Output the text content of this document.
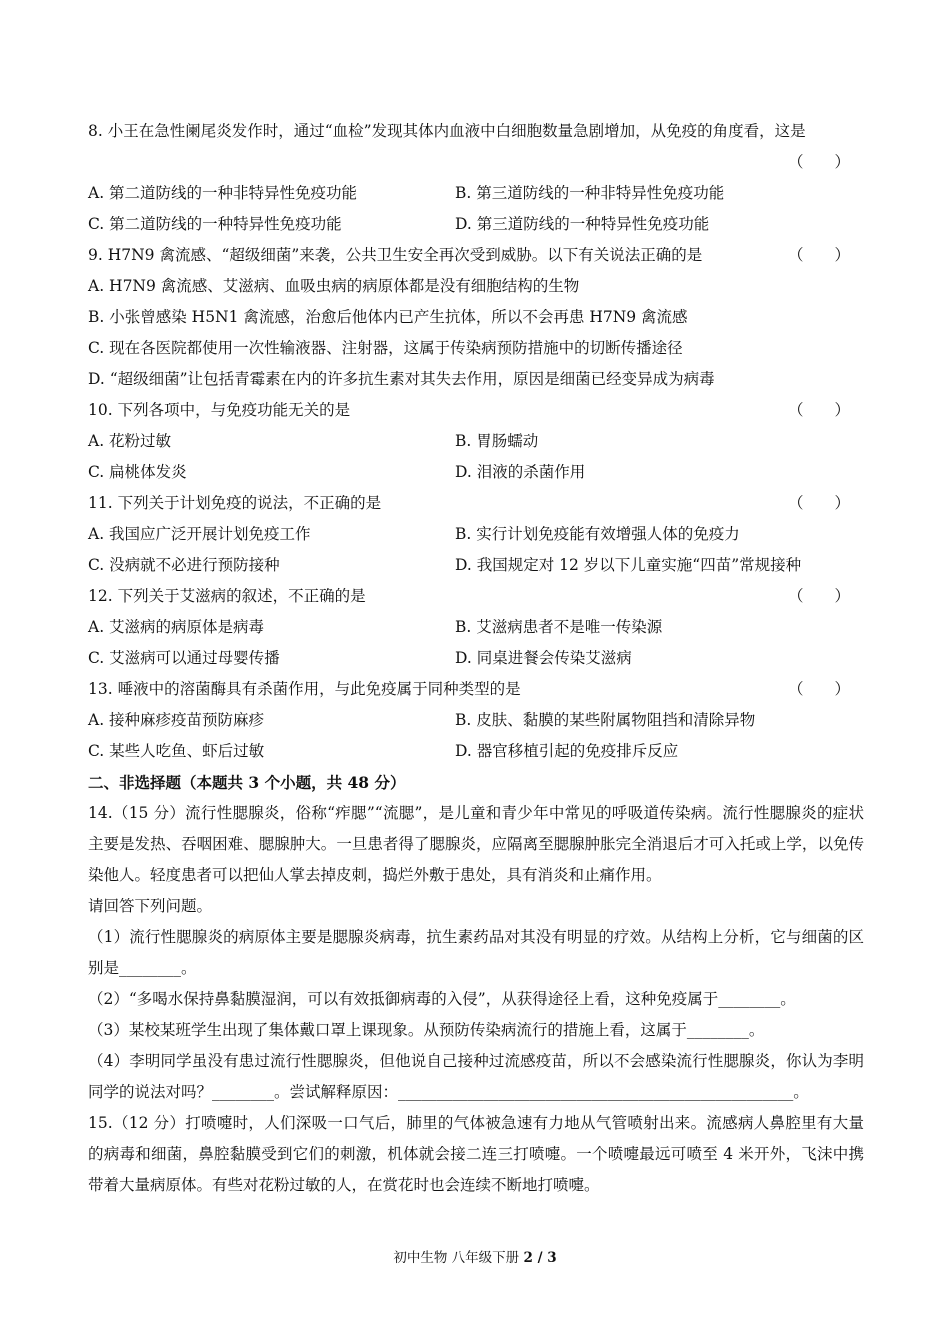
8. 小王在急性阑尾炎发作时，通过“血检”发现其体内血液中白细胞数量急剧增加，从免疫的角度看，这是
（　　）
A. 第二道防线的一种非特异性免疫功能	B. 第三道防线的一种非特异性免疫功能
C. 第二道防线的一种特异性免疫功能	D. 第三道防线的一种特异性免疫功能
9. H7N9 禽流感、“超级细菌”来袭，公共卫生安全再次受到威胁。以下有关说法正确的是	（　　）
A. H7N9 禽流感、艾滋病、血吸虫病的病原体都是没有细胞结构的生物
B. 小张曾感染 H5N1 禽流感，治愈后他体内已产生抗体，所以不会再患 H7N9 禽流感
C. 现在各医院都使用一次性输液器、注射器，这属于传染病预防措施中的切断传播途径
D. “超级细菌”让包括青霉素在内的许多抗生素对其失去作用，原因是细菌已经变异成为病毒
10. 下列各项中，与免疫功能无关的是	（　　）
A. 花粉过敏	B. 胃肠蠕动
C. 扁桃体发炎	D. 泪液的杀菌作用
11. 下列关于计划免疫的说法，不正确的是	（　　）
A. 我国应广泛开展计划免疫工作	B. 实行计划免疫能有效增强人体的免疫力
C. 没病就不必进行预防接种	D. 我国规定对 12 岁以下儿童实施“四苗”常规接种
12. 下列关于艾滋病的叙述，不正确的是	（　　）
A. 艾滋病的病原体是病毒	B. 艾滋病患者不是唯一传染源
C. 艾滋病可以通过母婴传播	D. 同桌进餐会传染艾滋病
13. 唾液中的溶菌酶具有杀菌作用，与此免疫属于同种类型的是	（　　）
A. 接种麻疹疫苗预防麻疹	B. 皮肤、黏膜的某些附属物阻挡和清除异物
C. 某些人吃鱼、虾后过敏	D. 器官移植引起的免疫排斥反应
二、非选择题（本题共 3 个小题，共 48 分）
14.（15 分）流行性腮腺炎，俗称“痄腮”“流腮”，是儿童和青少年中常见的呼吸道传染病。流行性腮腺炎的症状主要是发热、吞咽困难、腮腺肿大。一旦患者得了腮腺炎，应隔离至腮腺肿胀完全消退后才可入托或上学，以免传染他人。轻度患者可以把仙人掌去掉皮刺，捣烂外敷于患处，具有消炎和止痛作用。
请回答下列问题。
（1）流行性腮腺炎的病原体主要是腮腺炎病毒，抗生素药品对其没有明显的疗效。从结构上分析，它与细菌的区别是________。
（2）“多喝水保持鼻黏膜湿润，可以有效抵御病毒的入侵”，从获得途径上看，这种免疫属于________。
（3）某校某班学生出现了集体戴口罩上课现象。从预防传染病流行的措施上看，这属于________。
（4）李明同学虽没有患过流行性腮腺炎，但他说自己接种过流感疫苗，所以不会感染流行性腮腺炎，你认为李明同学的说法对吗？________。尝试解释原因：___________________________________________________。
15.（12 分）打喷嚏时，人们深吸一口气后，肺里的气体被急速有力地从气管喷射出来。流感病人鼻腔里有大量的病毒和细菌，鼻腔黏膜受到它们的刺激，机体就会接二连三打喷嚏。一个喷嚏最远可喷至 4 米开外，飞沫中携带着大量病原体。有些对花粉过敏的人，在赏花时也会连续不断地打喷嚏。
初中生物 八年级下册 2 / 3
